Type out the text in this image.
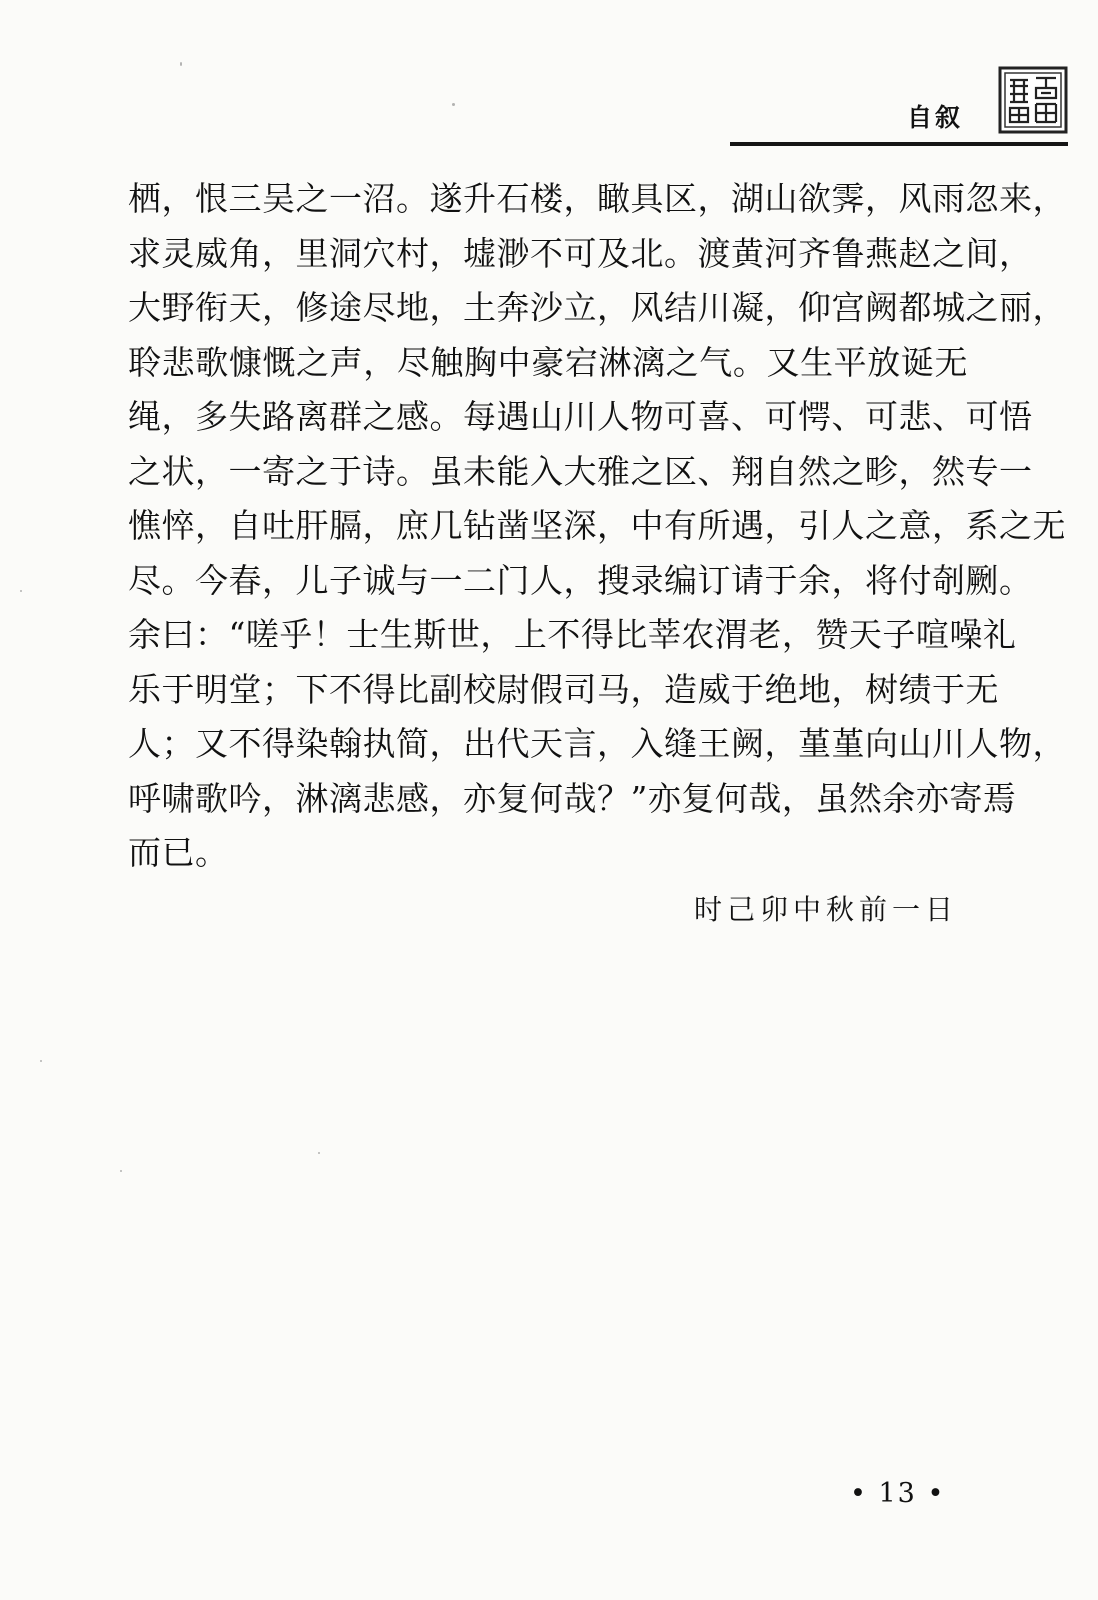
自叙
栖，恨三吴之一沼。遂升石楼，瞰具区，湖山欲霁，风雨忽来，
求灵威角，里洞穴村，墟渺不可及北。渡黄河齐鲁燕赵之间，
大野衔天，修途尽地，土奔沙立，风结川凝，仰宫阙都城之丽，
聆悲歌慷慨之声，尽触胸中豪宕淋漓之气。又生平放诞无
绳，多失路离群之感。每遇山川人物可喜、可愕、可悲、可悟
之状，一寄之于诗。虽未能入大雅之区、翔自然之畛，然专一
憔悴，自吐肝膈，庶几钻凿坚深，中有所遇，引人之意，系之无
尽。今春，儿子诚与一二门人，搜录编订请于余，将付剞劂。
余曰：“嗟乎！士生斯世，上不得比莘农渭老，赞天子喧噪礼
乐于明堂；下不得比副校尉假司马，造威于绝地，树绩于无
人；又不得染翰执简，出代天言，入缝王阙，堇堇向山川人物，
呼啸歌吟，淋漓悲感，亦复何哉？”亦复何哉，虽然余亦寄焉
而已。
时己卯中秋前一日
• 13 •
